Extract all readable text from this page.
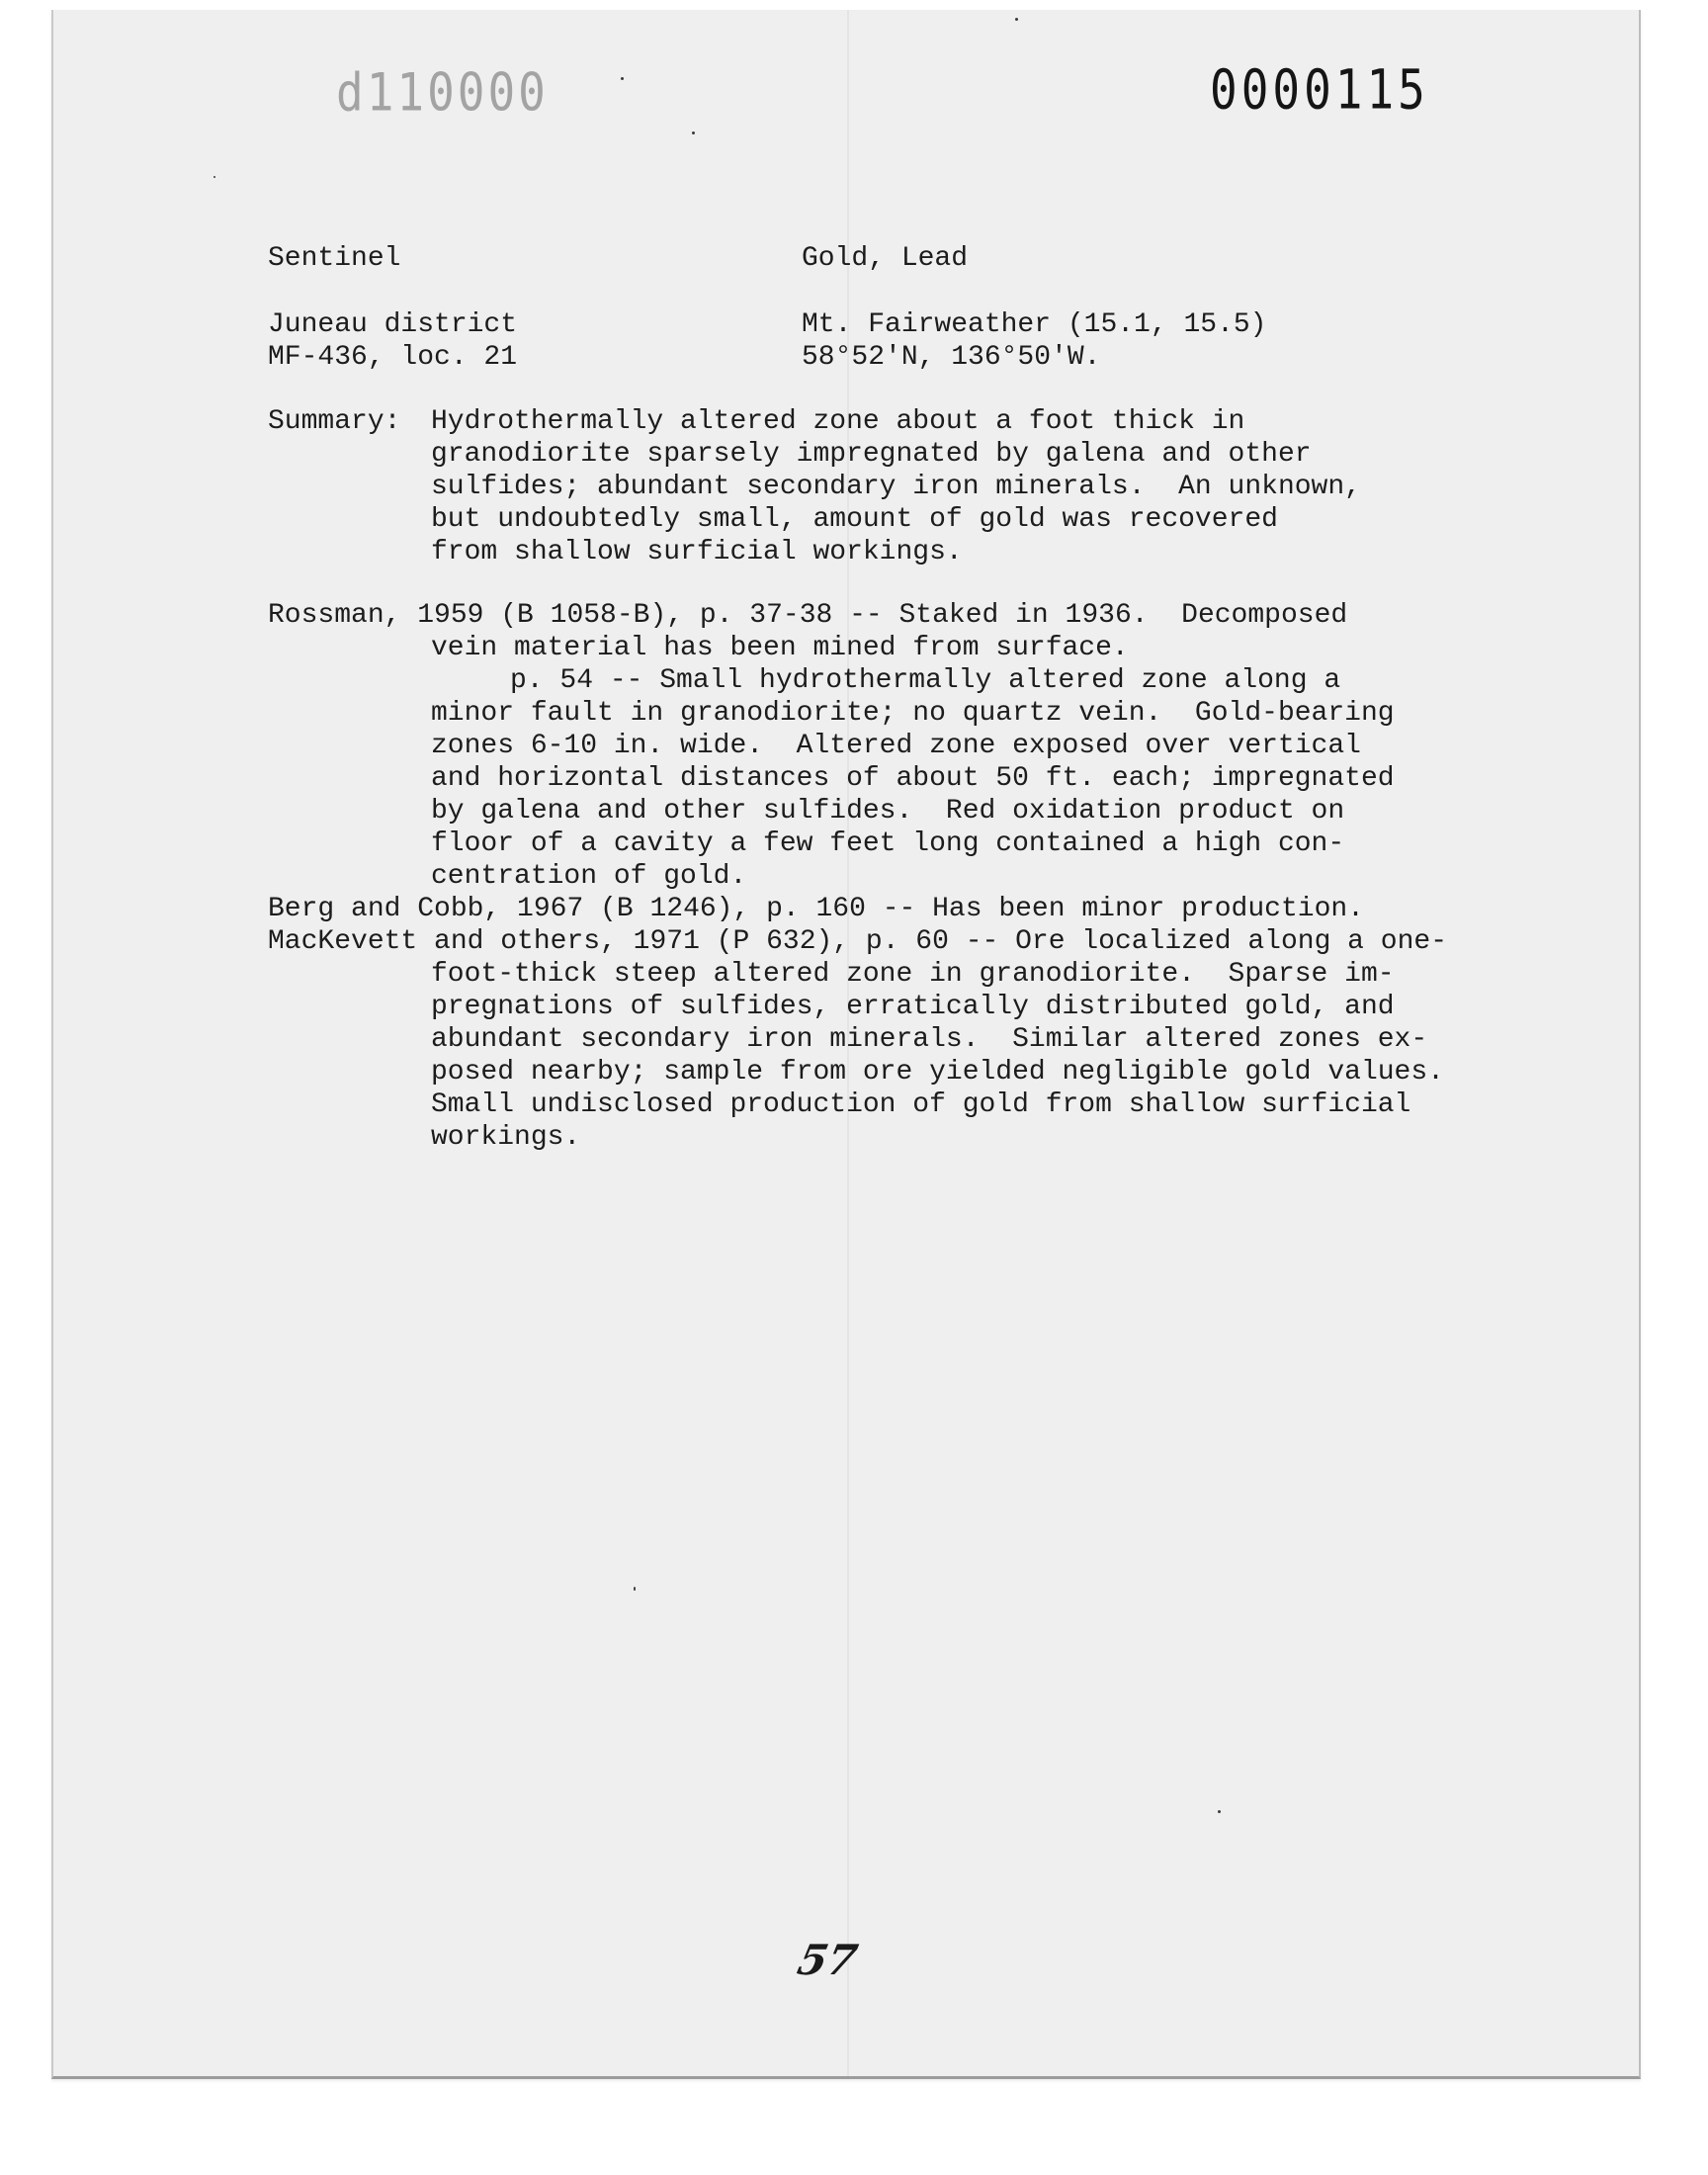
d110000	0000115
Sentinel	Gold, Lead
Juneau district	Mt. Fairweather (15.1, 15.5)
MF-436, loc. 21	58°52'N, 136°50'W.
Summary: Hydrothermally altered zone about a foot thick in
granodiorite sparsely impregnated by galena and other
sulfides; abundant secondary iron minerals.  An unknown,
but undoubtedly small, amount of gold was recovered
from shallow surficial workings.
Rossman, 1959 (B 1058-B), p. 37-38 -- Staked in 1936.  Decomposed
vein material has been mined from surface.
p. 54 -- Small hydrothermally altered zone along a
minor fault in granodiorite; no quartz vein.  Gold-bearing
zones 6-10 in. wide.  Altered zone exposed over vertical
and horizontal distances of about 50 ft. each; impregnated
by galena and other sulfides.  Red oxidation product on
floor of a cavity a few feet long contained a high con-
centration of gold.
Berg and Cobb, 1967 (B 1246), p. 160 -- Has been minor production.
MacKevett and others, 1971 (P 632), p. 60 -- Ore localized along a one-
foot-thick steep altered zone in granodiorite.  Sparse im-
pregnations of sulfides, erratically distributed gold, and
abundant secondary iron minerals.  Similar altered zones ex-
posed nearby; sample from ore yielded negligible gold values.
Small undisclosed production of gold from shallow surficial
workings.
57
